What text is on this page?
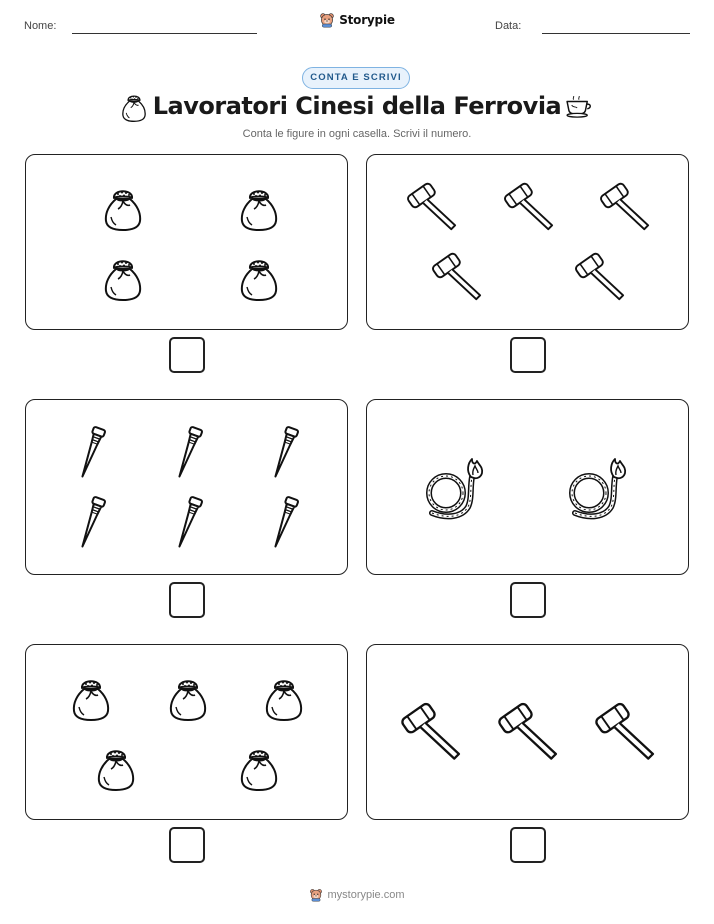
Nome:	Storypie	Data:
CONTA E SCRIVI
Lavoratori Cinesi della Ferrovia
Conta le figure in ogni casella. Scrivi il numero.
mystorypie.com
